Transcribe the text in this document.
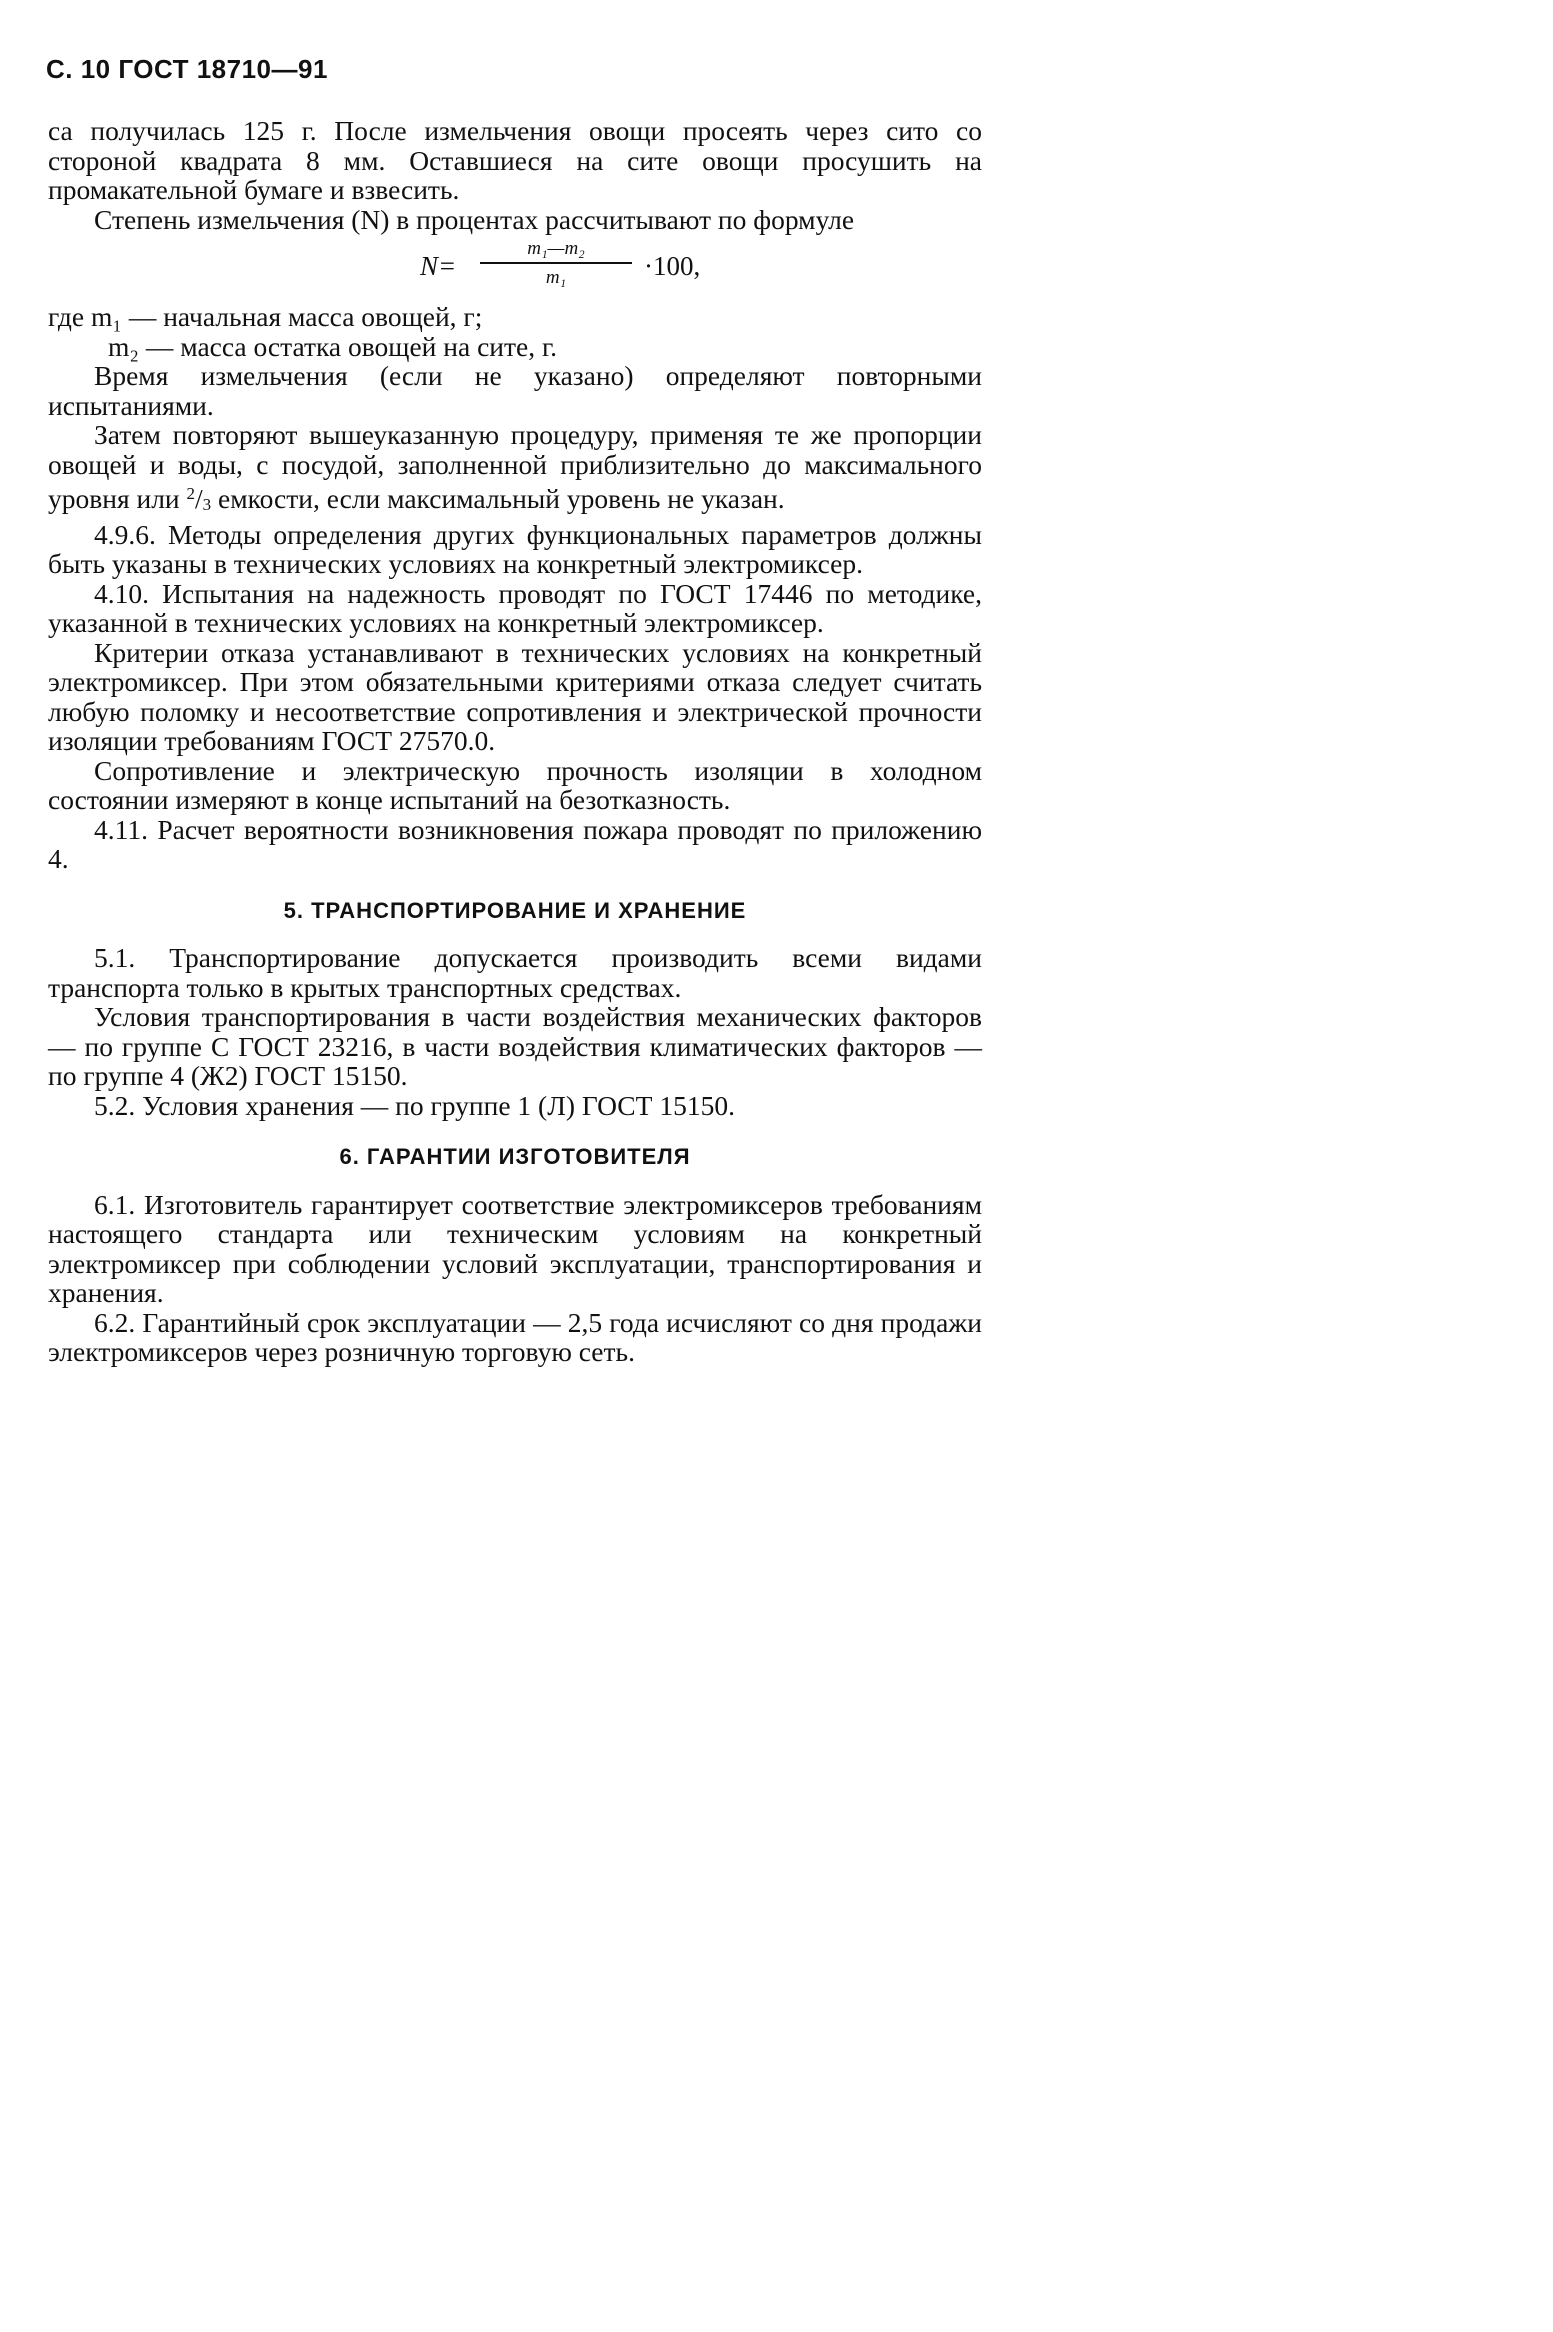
С. 10 ГОСТ 18710—91

са получилась 125 г. После измельчения овощи просеять через сито со стороной квадрата 8 мм. Оставшиеся на сите овощи просушить на промакательной бумаге и взвесить.

Степень измельчения (N) в процентах рассчитывают по формуле

N=
m₁—m₂
m₁	·100,

где m₁ — начальная масса овощей, г;

m₂ — масса остатка овощей на сите, г.

Время измельчения (если не указано) определяют повторными испытаниями.

Затем повторяют вышеуказанную процедуру, применяя те же пропорции овощей и воды, с посудой, заполненной приблизительно до максимального уровня или $^2/_3$ емкости, если максимальный уровень не указан.

4.9.6. Методы определения других функциональных параметров должны быть указаны в технических условиях на конкретный электромиксер.

4.10. Испытания на надежность проводят по ГОСТ 17446 по методике, указанной в технических условиях на конкретный электромиксер.

Критерии отказа устанавливают в технических условиях на конкретный электромиксер. При этом обязательными критериями отказа следует считать любую поломку и несоответствие сопротивления и электрической прочности изоляции требованиям ГОСТ 27570.0.

Сопротивление и электрическую прочность изоляции в холодном состоянии измеряют в конце испытаний на безотказность.

4.11. Расчет вероятности возникновения пожара проводят по приложению 4.

5. ТРАНСПОРТИРОВАНИЕ И ХРАНЕНИЕ

5.1. Транспортирование допускается производить всеми видами транспорта только в крытых транспортных средствах.

Условия транспортирования в части воздействия механических факторов — по группе С ГОСТ 23216, в части воздействия климатических факторов — по группе 4 (Ж2) ГОСТ 15150.

5.2. Условия хранения — по группе 1 (Л) ГОСТ 15150.

6. ГАРАНТИИ ИЗГОТОВИТЕЛЯ

6.1. Изготовитель гарантирует соответствие электромиксеров требованиям настоящего стандарта или техническим условиям на конкретный электромиксер при соблюдении условий эксплуатации, транспортирования и хранения.

6.2. Гарантийный срок эксплуатации — 2,5 года исчисляют со дня продажи электромиксеров через розничную торговую сеть.
